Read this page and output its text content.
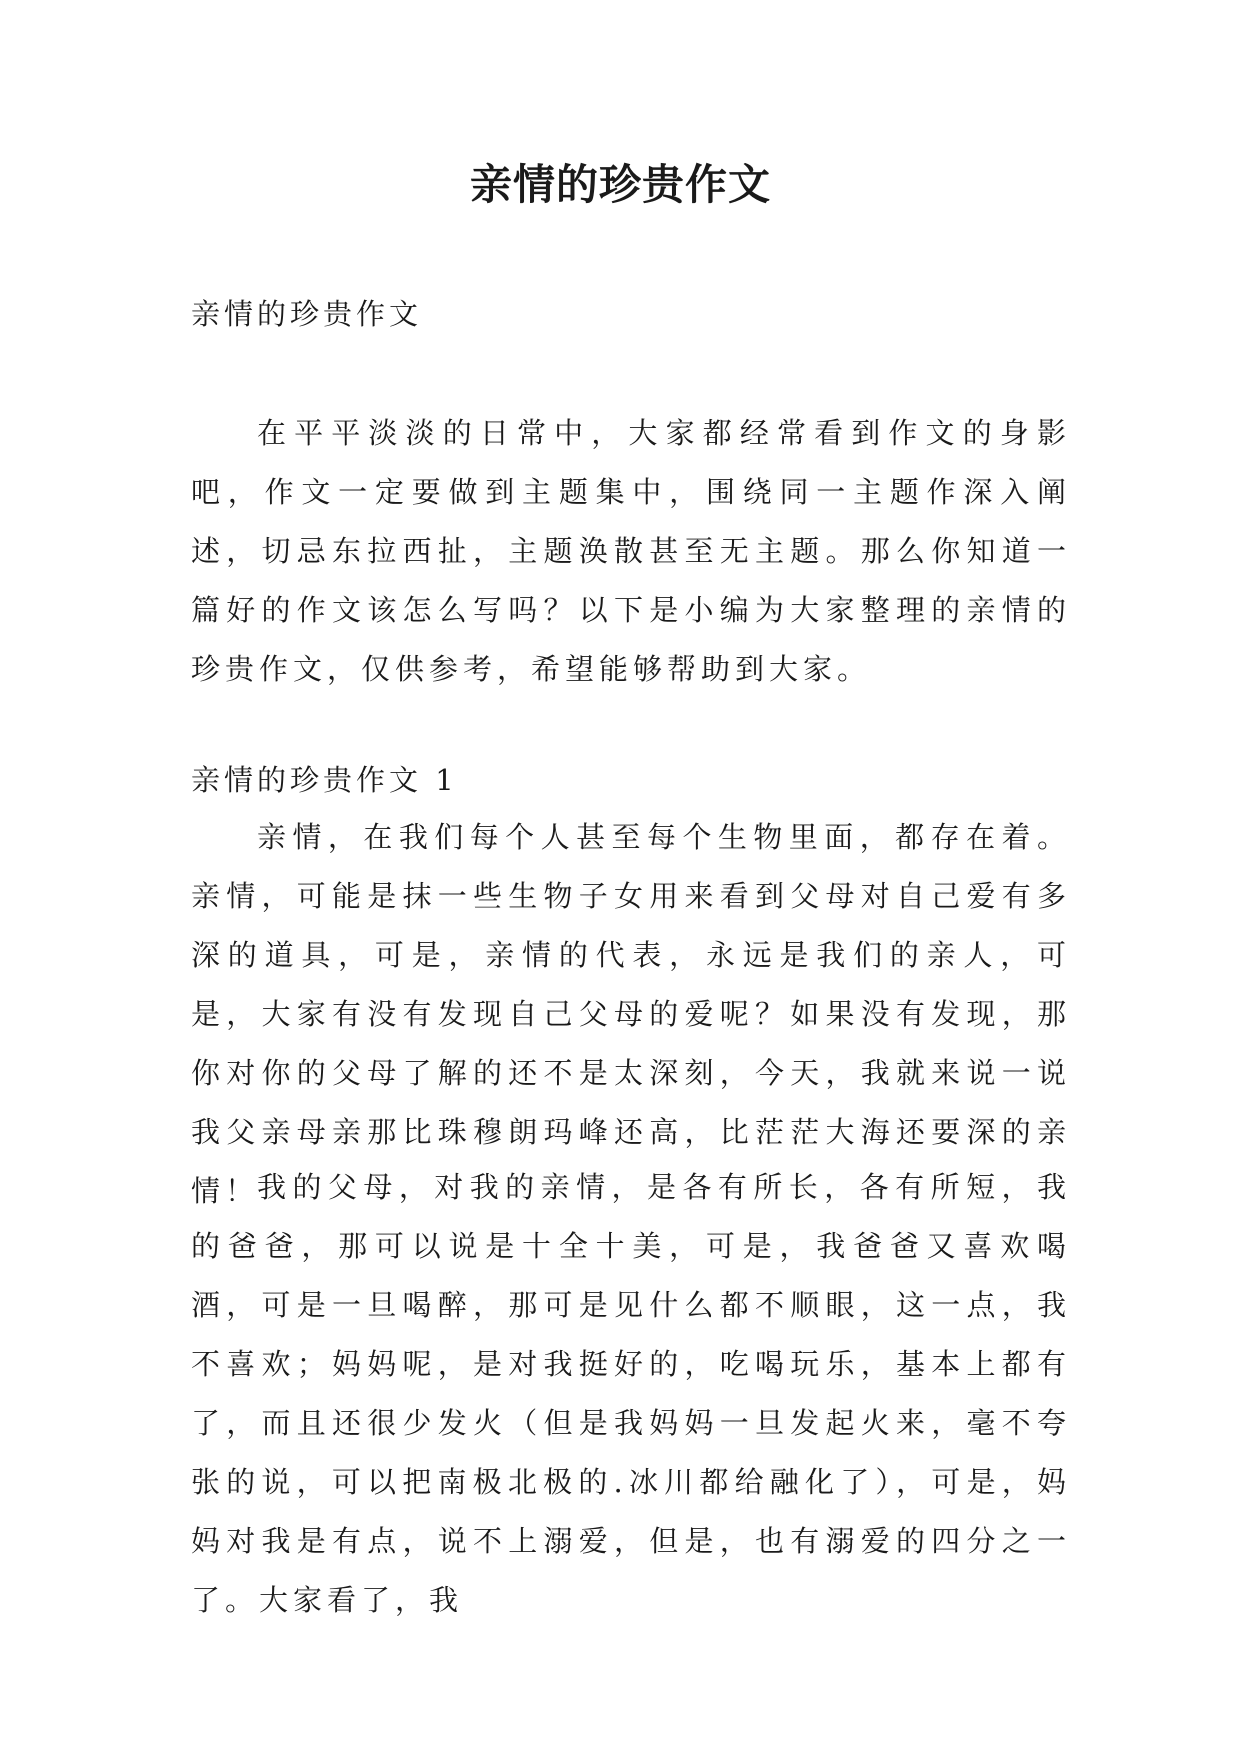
亲情的珍贵作文

亲情的珍贵作文

在平平淡淡的日常中，大家都经常看到作文的身影吧，作文一定要做到主题集中，围绕同一主题作深入阐述，切忌东拉西扯，主题涣散甚至无主题。那么你知道一篇好的作文该怎么写吗？以下是小编为大家整理的亲情的珍贵作文，仅供参考，希望能够帮助到大家。

亲情的珍贵作文 1

亲情，在我们每个人甚至每个生物里面，都存在着。亲情，可能是抹一些生物子女用来看到父母对自己爱有多深的道具，可是，亲情的代表，永远是我们的亲人，可是，大家有没有发现自己父母的爱呢？如果没有发现，那你对你的父母了解的还不是太深刻，今天，我就来说一说我父亲母亲那比珠穆朗玛峰还高，比茫茫大海还要深的亲情！

我的父母，对我的亲情，是各有所长，各有所短，我的爸爸，那可以说是十全十美，可是，我爸爸又喜欢喝酒，可是一旦喝醉，那可是见什么都不顺眼，这一点，我不喜欢；妈妈呢，是对我挺好的，吃喝玩乐，基本上都有了，而且还很少发火（但是我妈妈一旦发起火来，毫不夸张的说，可以把南极北极的.冰川都给融化了），可是，妈妈对我是有点，说不上溺爱，但是，也有溺爱的四分之一了。大家看了，我
